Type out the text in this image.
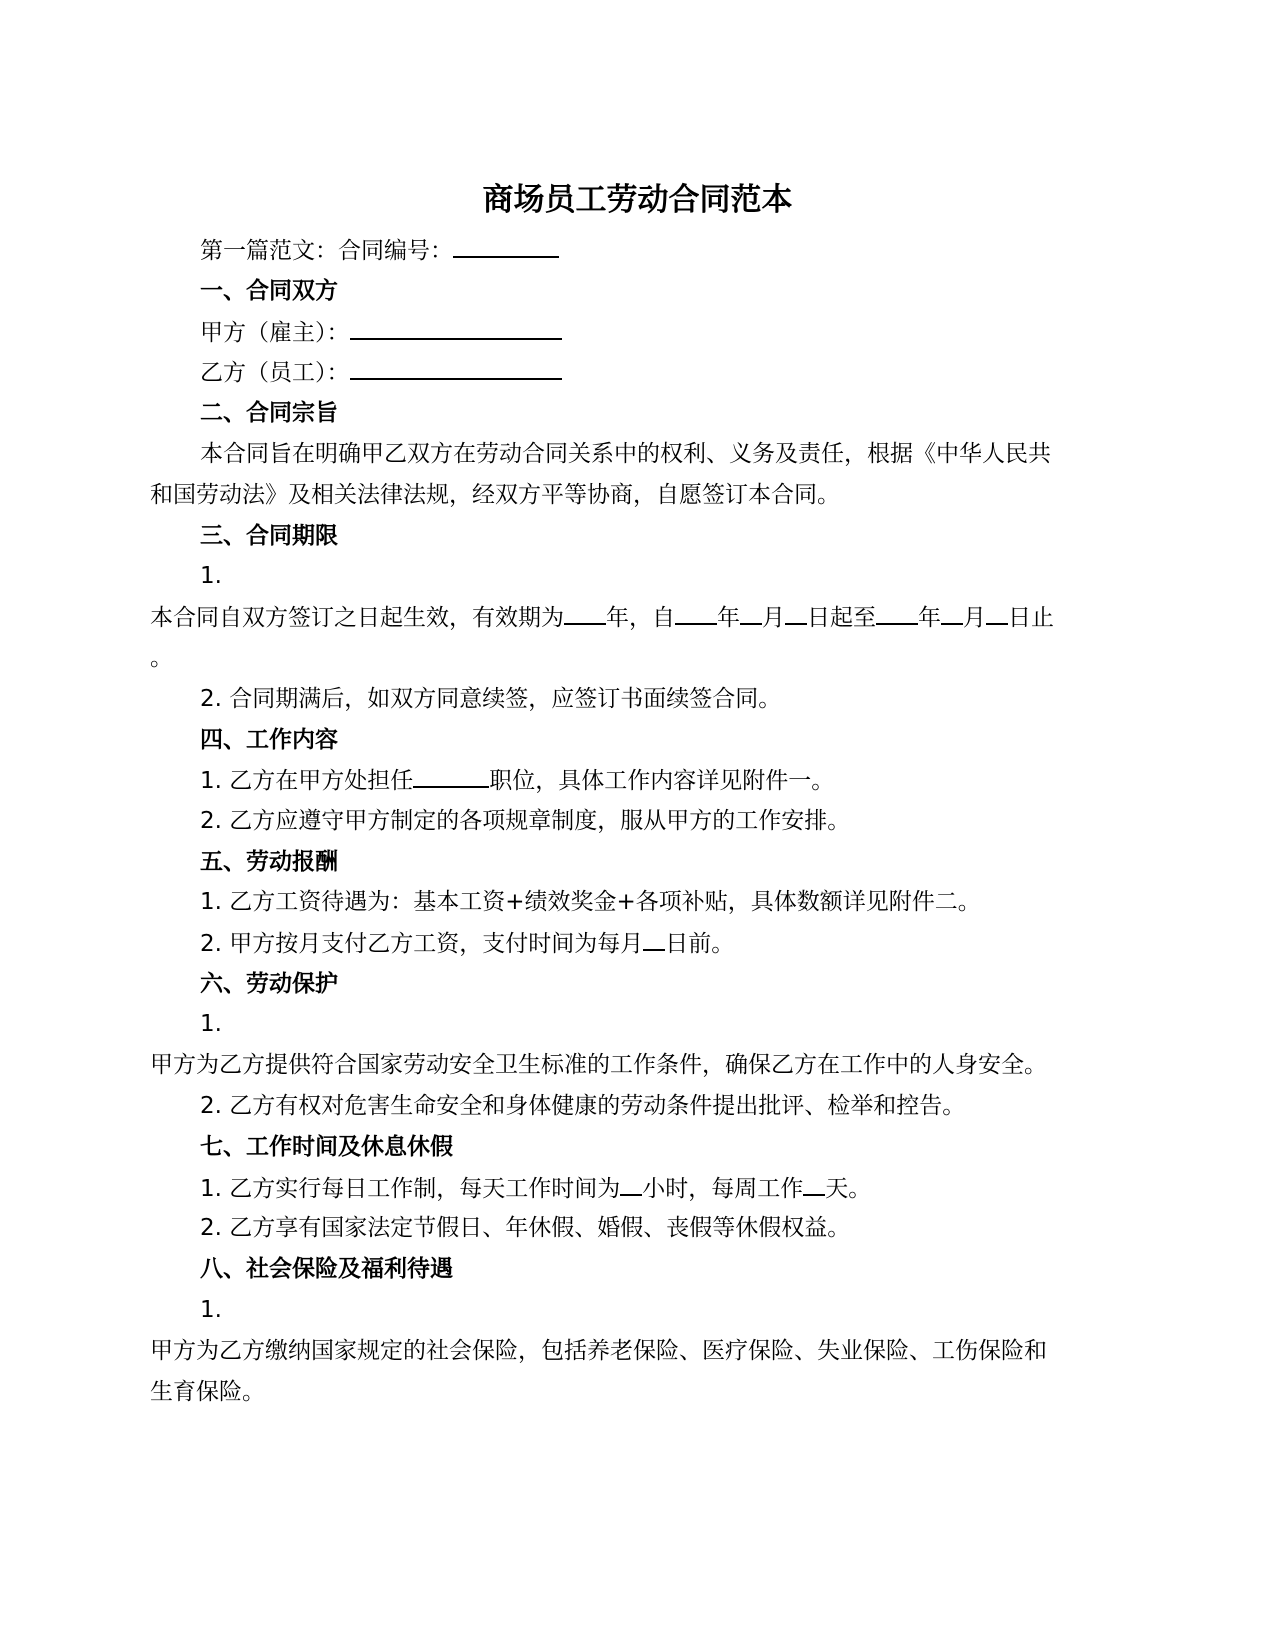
商场员工劳动合同范本

第一篇范文：合同编号：

一、合同双方

甲方（雇主）：

乙方（员工）：

二、合同宗旨

本合同旨在明确甲乙双方在劳动合同关系中的权利、义务及责任，根据《中华人民共

和国劳动法》及相关法律法规，经双方平等协商，自愿签订本合同。

三、合同期限

1.

本合同自双方签订之日起生效，有效期为 年，自 年 月 日起至 年 月 日止

。

2. 合同期满后，如双方同意续签，应签订书面续签合同。

四、工作内容

1. 乙方在甲方处担任	职位，具体工作内容详见附件一。

2. 乙方应遵守甲方制定的各项规章制度，服从甲方的工作安排。

五、劳动报酬

1. 乙方工资待遇为：基本工资+绩效奖金+各项补贴，具体数额详见附件二。

2. 甲方按月支付乙方工资，支付时间为每月 日前。

六、劳动保护

1.

甲方为乙方提供符合国家劳动安全卫生标准的工作条件，确保乙方在工作中的人身安全。

2. 乙方有权对危害生命安全和身体健康的劳动条件提出批评、检举和控告。

七、工作时间及休息休假

1. 乙方实行每日工作制，每天工作时间为 小时，每周工作 天。

2. 乙方享有国家法定节假日、年休假、婚假、丧假等休假权益。

八、社会保险及福利待遇

1.

甲方为乙方缴纳国家规定的社会保险，包括养老保险、医疗保险、失业保险、工伤保险和

生育保险。
